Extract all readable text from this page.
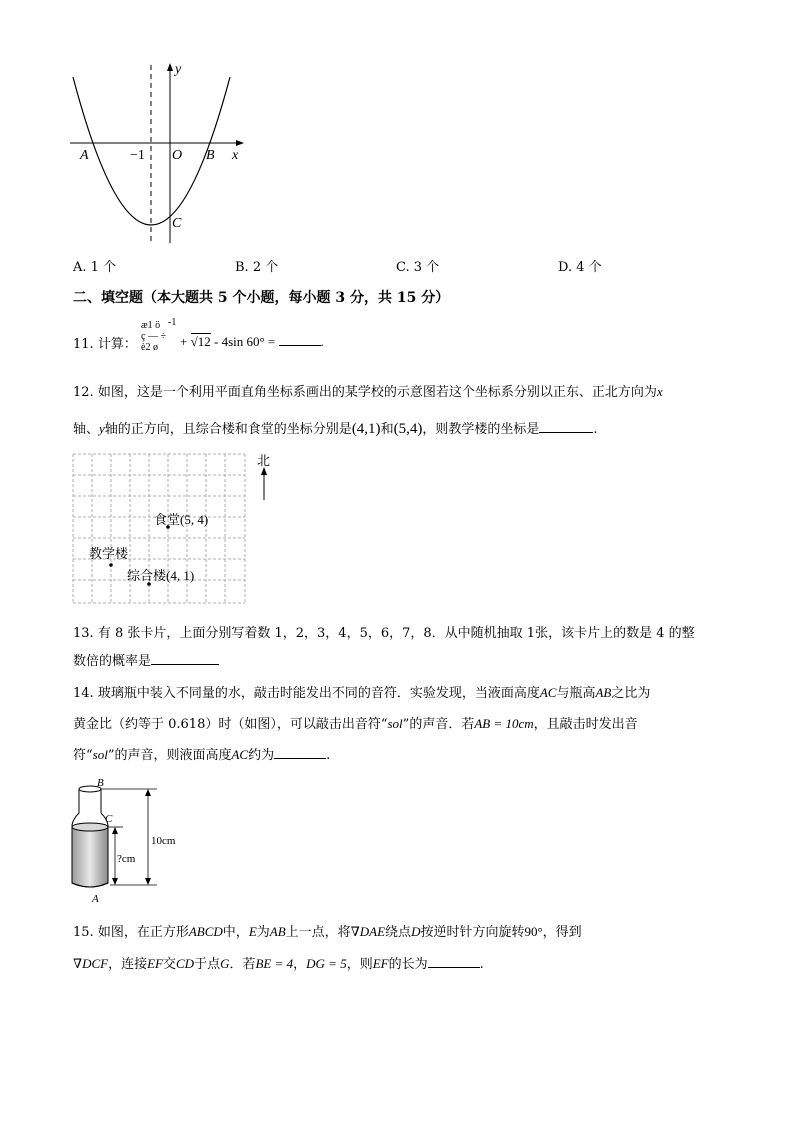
y
x
A	−1 O B
C
A. 1 个	B. 2 个	C. 3 个	D. 4 个
二、填空题（本大题共 5 个小题，每小题 3 分，共 15 分）
11. 计算：
æ1 ö
ç — ÷
è2 ø
-1
+ √12 - 4sin 60° =	.
12. 如图，这是一个利用平面直角坐标系画出的某学校的示意图若这个坐标系分别以正东、正北方向为x
轴、y轴的正方向，且综合楼和食堂的坐标分别是(4,1)和(5,4)，则教学楼的坐标是	.
北
食堂(5, 4)
教学楼
综合楼(4, 1)
13. 有 8 张卡片，上面分别写着数 1，2，3，4，5，6，7，8．从中随机抽取 1张，该卡片上的数是 4 的整
数倍的概率是
14. 玻璃瓶中装入不同量的水，敲击时能发出不同的音符．实验发现，当液面高度AC与瓶高AB之比为
黄金比（约等于 0.618）时（如图），可以敲击出音符“sol”的声音．若AB = 10cm，且敲击时发出音
符“sol”的声音，则液面高度AC约为	.
B
C
A
?cm
10cm
15. 如图，在正方形ABCD中，E为AB上一点，将∇DAE绕点D按逆时针方向旋转90°，得到
∇DCF，连接EF交CD于点G．若BE = 4，DG = 5，则EF的长为	.
